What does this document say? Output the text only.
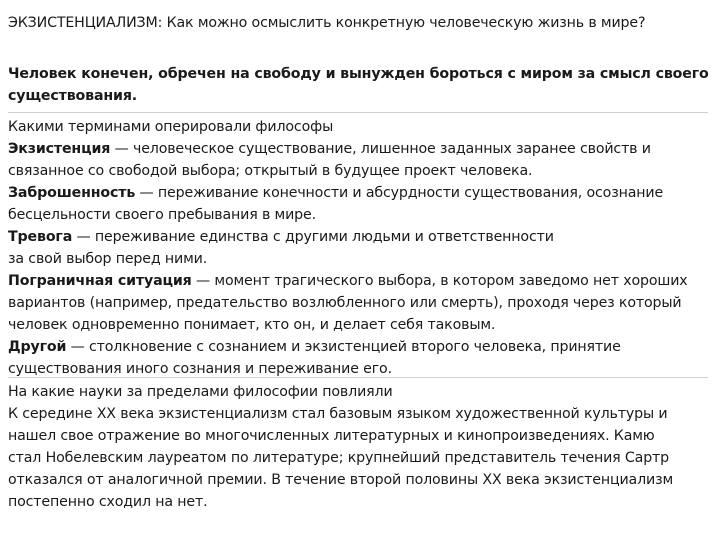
ЭКЗИСТЕНЦИАЛИЗМ: Как можно осмыслить конкретную человеческую жизнь в мире?
Человек конечен, обречен на свободу и вынужден бороться с миром за смысл своего
существования.
Какими терминами оперировали философы
Экзистенция — человеческое существование, лишенное заданных заранее свойств и
связанное со свободой выбора; открытый в будущее проект человека.
Заброшенность — переживание конечности и абсурдности существования, осознание
бесцельности своего пребывания в мире.
Тревога — переживание единства с другими людьми и ответственности
за свой выбор перед ними.
Пограничная ситуация — момент трагического выбора, в котором заведомо нет хороших
вариантов (например, предательство возлюбленного или смерть), проходя через который
человек одновременно понимает, кто он, и делает себя таковым.
Другой — столкновение с сознанием и экзистенцией второго человека, принятие
существования иного сознания и переживание его.
На какие науки за пределами философии повлияли
К середине XX века экзистенциализм стал базовым языком художественной культуры и
нашел свое отражение во многочисленных литературных и кинопроизведениях. Камю
стал Нобелевским лауреатом по литературе; крупнейший представитель течения Сартр
отказался от аналогичной премии. В течение второй половины XX века экзистенциализм
постепенно сходил на нет.
